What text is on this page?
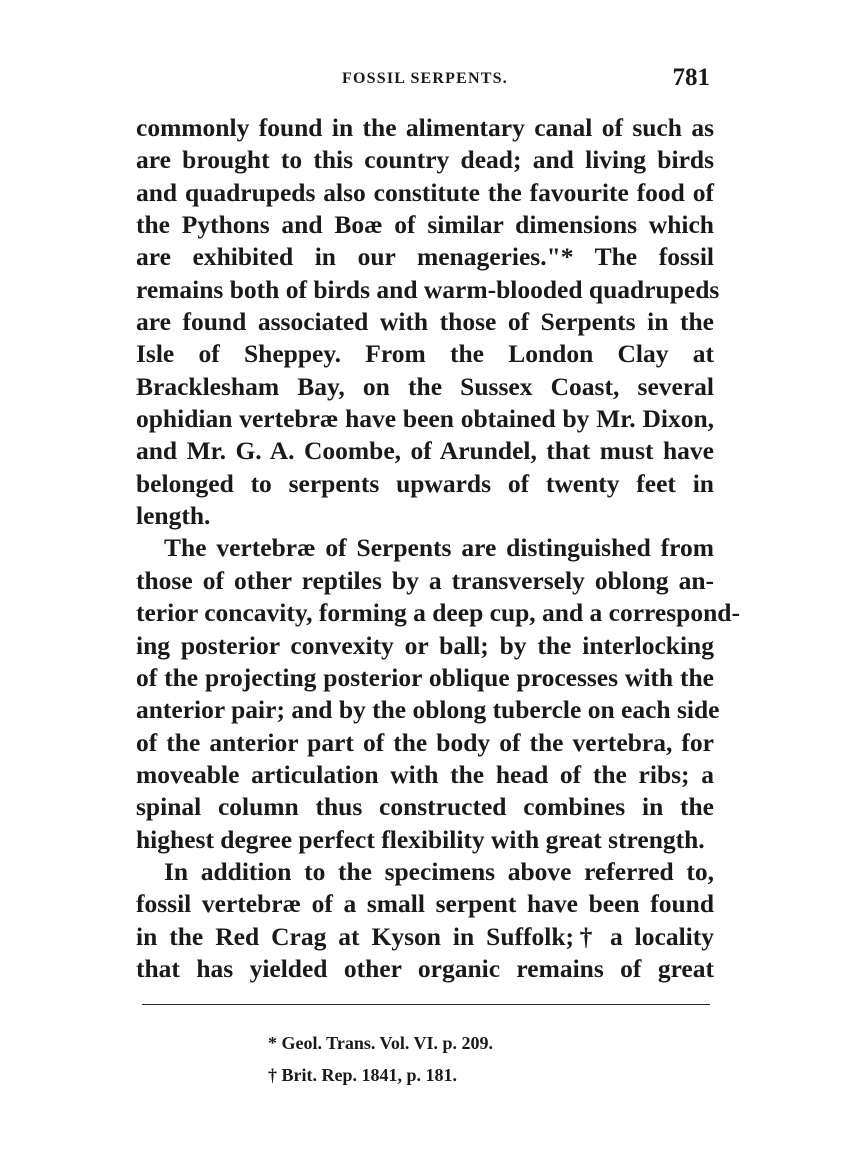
FOSSIL SERPENTS.	781
commonly found in the alimentary canal of such as
are brought to this country dead; and living birds
and quadrupeds also constitute the favourite food of
the Pythons and Boæ of similar dimensions which
are exhibited in our menageries."* The fossil
remains both of birds and warm-blooded quadrupeds
are found associated with those of Serpents in the
Isle of Sheppey. From the London Clay at
Bracklesham Bay, on the Sussex Coast, several
ophidian vertebræ have been obtained by Mr. Dixon,
and Mr. G. A. Coombe, of Arundel, that must have
belonged to serpents upwards of twenty feet in
length.
The vertebræ of Serpents are distinguished from
those of other reptiles by a transversely oblong an-
terior concavity, forming a deep cup, and a correspond-
ing posterior convexity or ball; by the interlocking
of the projecting posterior oblique processes with the
anterior pair; and by the oblong tubercle on each side
of the anterior part of the body of the vertebra, for
moveable articulation with the head of the ribs; a
spinal column thus constructed combines in the
highest degree perfect flexibility with great strength.
In addition to the specimens above referred to,
fossil vertebræ of a small serpent have been found
in the Red Crag at Kyson in Suffolk;† a locality
that has yielded other organic remains of great
* Geol. Trans. Vol. VI. p. 209.
† Brit. Rep. 1841, p. 181.
